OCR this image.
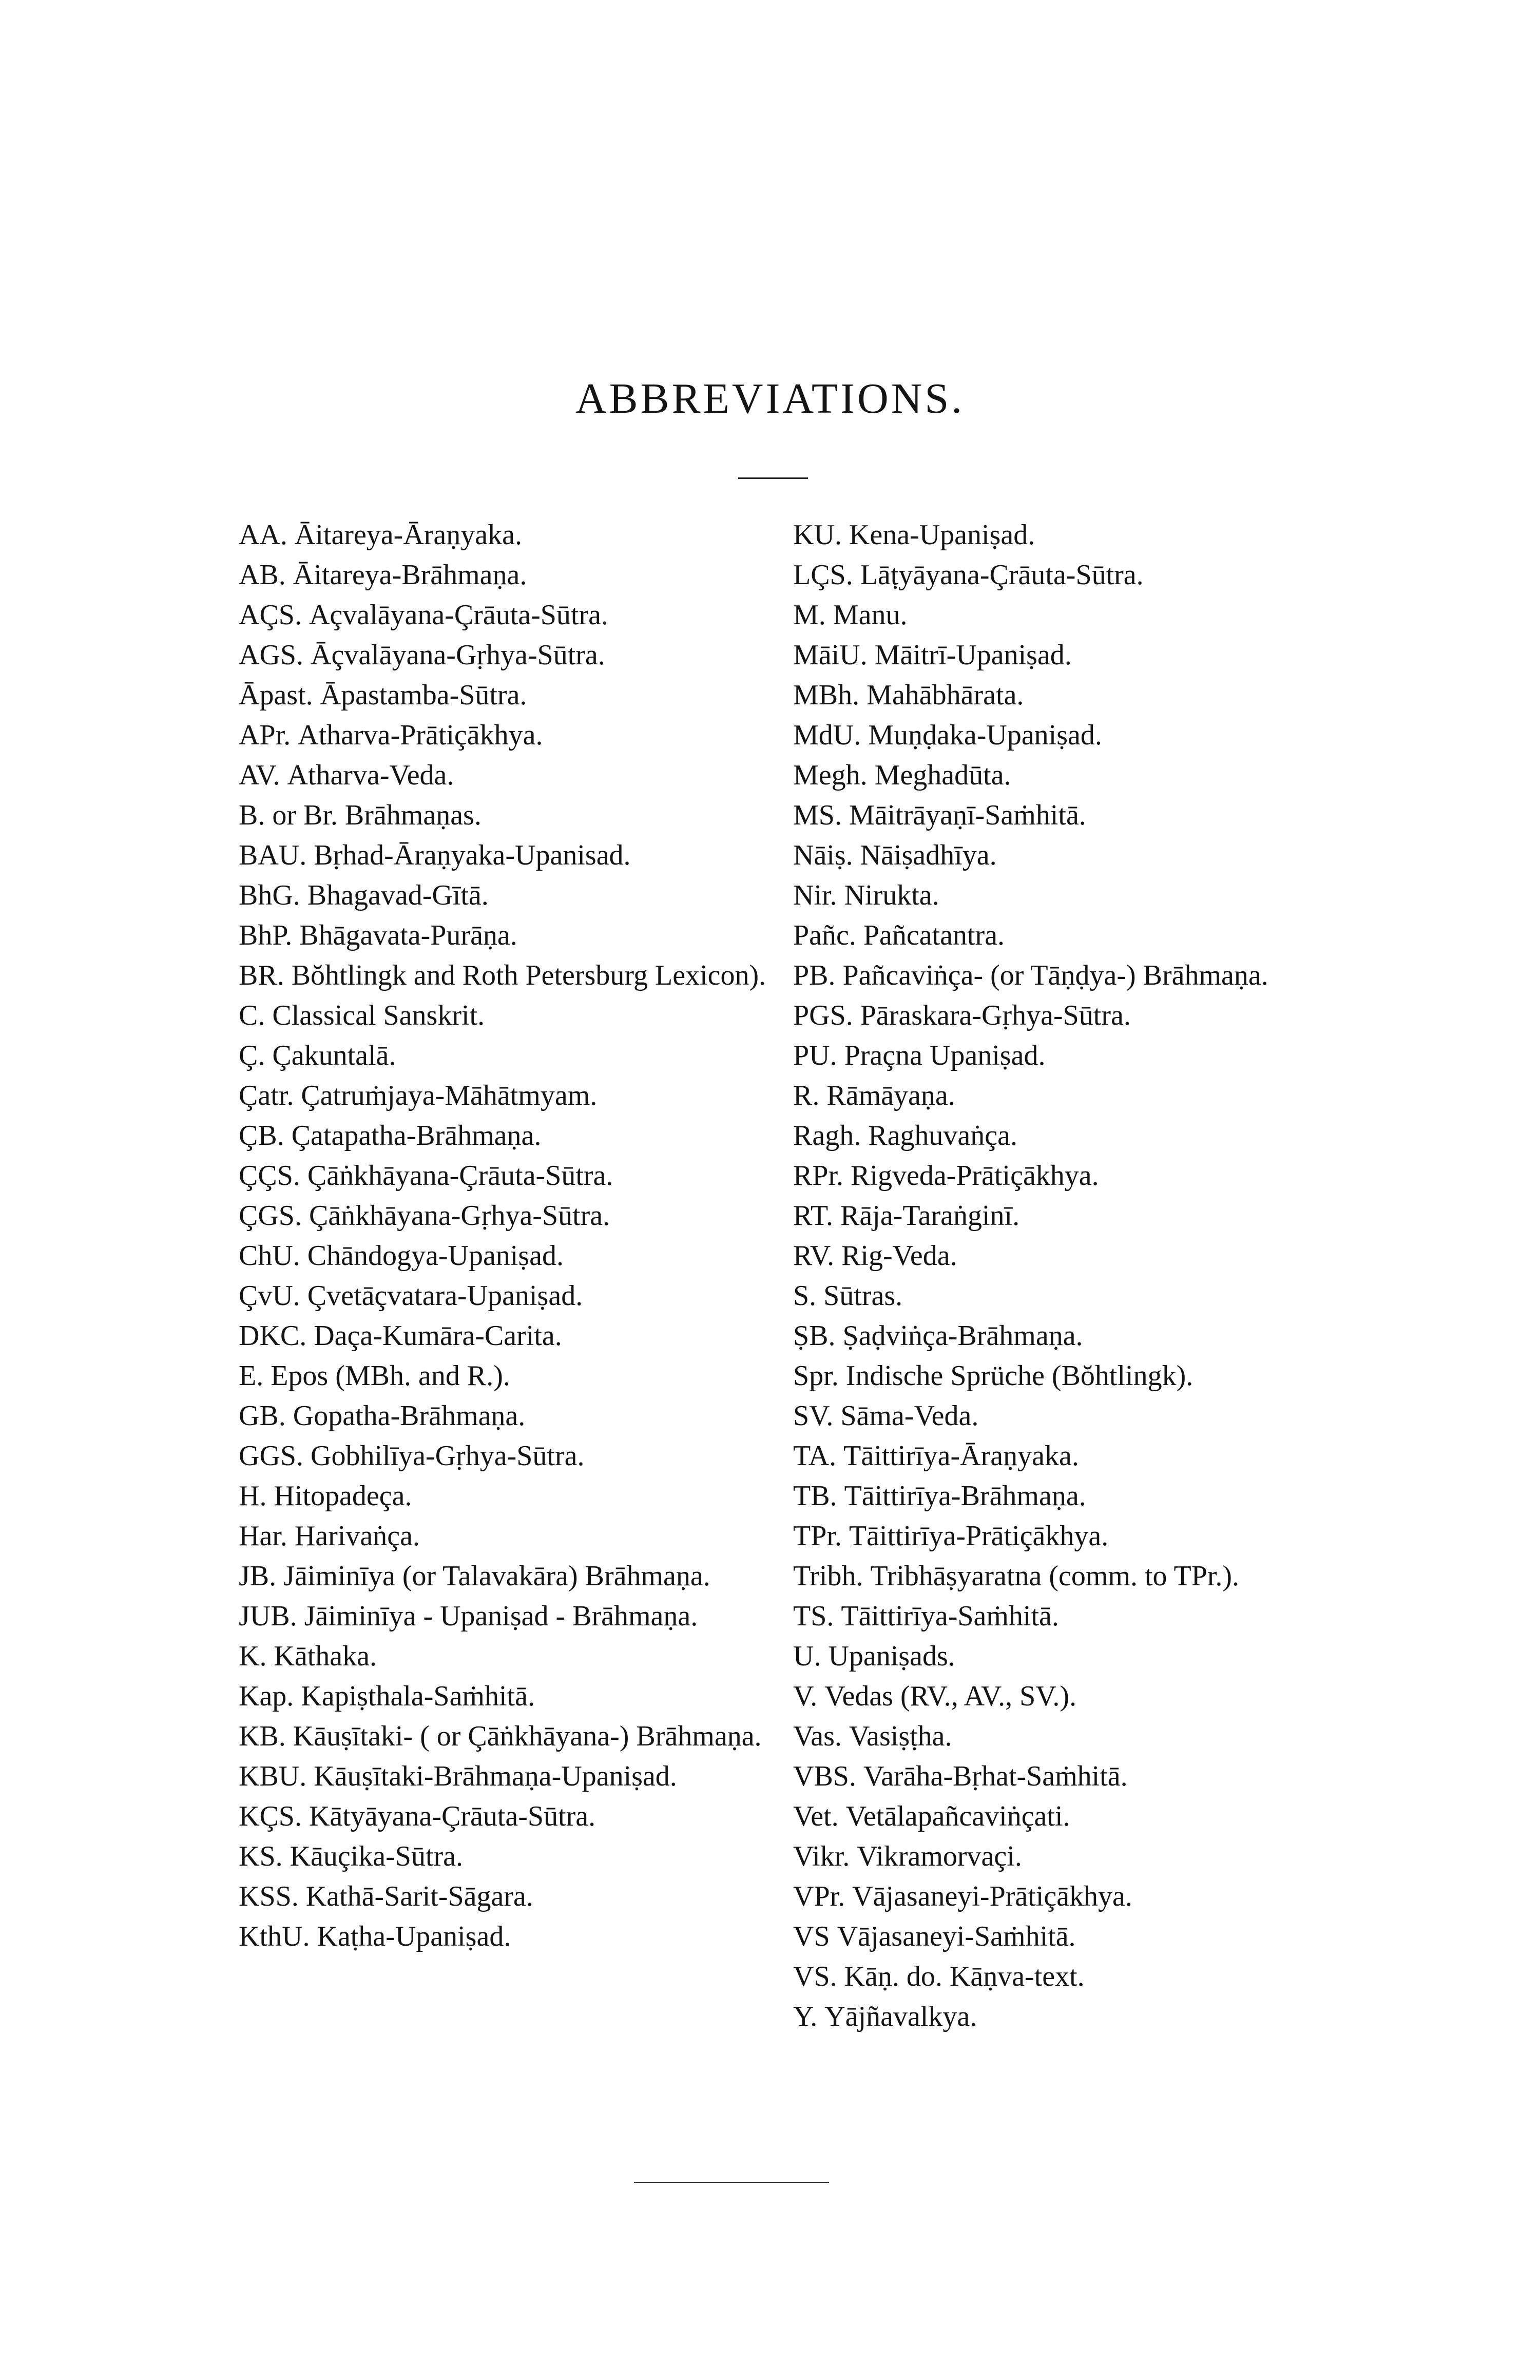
ABBREVIATIONS.
AA. Āitareya-Āraṇyaka.
AB. Āitareya-Brāhmaṇa.
AÇS. Açvalāyana-Çrāuta-Sūtra.
AGS. Āçvalāyana-Gṛhya-Sūtra.
Āpast. Āpastamba-Sūtra.
APr. Atharva-Prātiçākhya.
AV. Atharva-Veda.
B. or Br. Brāhmaṇas.
BAU. Bṛhad-Āraṇyaka-Upanisad.
BhG. Bhagavad-Gītā.
BhP. Bhāgavata-Purāṇa.
BR. Bŏhtlingk and Roth Petersburg Lexicon).
C. Classical Sanskrit.
Ç. Çakuntalā.
Çatr. Çatruṁjaya-Māhātmyam.
ÇB. Çatapatha-Brāhmaṇa.
ÇÇS. Çāṅkhāyana-Çrāuta-Sūtra.
ÇGS. Çāṅkhāyana-Gṛhya-Sūtra.
ChU. Chāndogya-Upaniṣad.
ÇvU. Çvetāçvatara-Upaniṣad.
DKC. Daça-Kumāra-Carita.
E. Epos (MBh. and R.).
GB. Gopatha-Brāhmaṇa.
GGS. Gobhilīya-Gṛhya-Sūtra.
H. Hitopadeça.
Har. Harivaṅça.
JB. Jāiminīya (or Talavakāra) Brāhmaṇa.
JUB. Jāiminīya - Upaniṣad - Brāhmaṇa.
K. Kāthaka.
Kap. Kapiṣthala-Saṁhitā.
KB. Kāuṣītaki- ( or Çāṅkhāyana-) Brāhmaṇa.
KBU. Kāuṣītaki-Brāhmaṇa-Upaniṣad.
KÇS. Kātyāyana-Çrāuta-Sūtra.
KS. Kāuçika-Sūtra.
KSS. Kathā-Sarit-Sāgara.
KthU. Kaṭha-Upaniṣad.
KU. Kena-Upaniṣad.
LÇS. Lāṭyāyana-Çrāuta-Sūtra.
M. Manu.
MāiU. Māitrī-Upaniṣad.
MBh. Mahābhārata.
MdU. Muṇḍaka-Upaniṣad.
Megh. Meghadūta.
MS. Māitrāyaṇī-Saṁhitā.
Nāiṣ. Nāiṣadhīya.
Nir. Nirukta.
Pañc. Pañcatantra.
PB. Pañcaviṅça- (or Tāṇḍya-) Brāhmaṇa.
PGS. Pāraskara-Gṛhya-Sūtra.
PU. Praçna Upaniṣad.
R. Rāmāyaṇa.
Ragh. Raghuvaṅça.
RPr. Rigveda-Prātiçākhya.
RT. Rāja-Taraṅginī.
RV. Rig-Veda.
S. Sūtras.
ṢB. Ṣaḍviṅça-Brāhmaṇa.
Spr. Indische Sprüche (Bŏhtlingk).
SV. Sāma-Veda.
TA. Tāittirīya-Āraṇyaka.
TB. Tāittirīya-Brāhmaṇa.
TPr. Tāittirīya-Prātiçākhya.
Tribh. Tribhāṣyaratna (comm. to TPr.).
TS. Tāittirīya-Saṁhitā.
U. Upaniṣads.
V. Vedas (RV., AV., SV.).
Vas. Vasiṣṭha.
VBS. Varāha-Bṛhat-Saṁhitā.
Vet. Vetālapañcaviṅçati.
Vikr. Vikramorvaçi.
VPr. Vājasaneyi-Prātiçākhya.
VS Vājasaneyi-Saṁhitā.
VS. Kāṇ. do. Kāṇva-text.
Y. Yājñavalkya.
